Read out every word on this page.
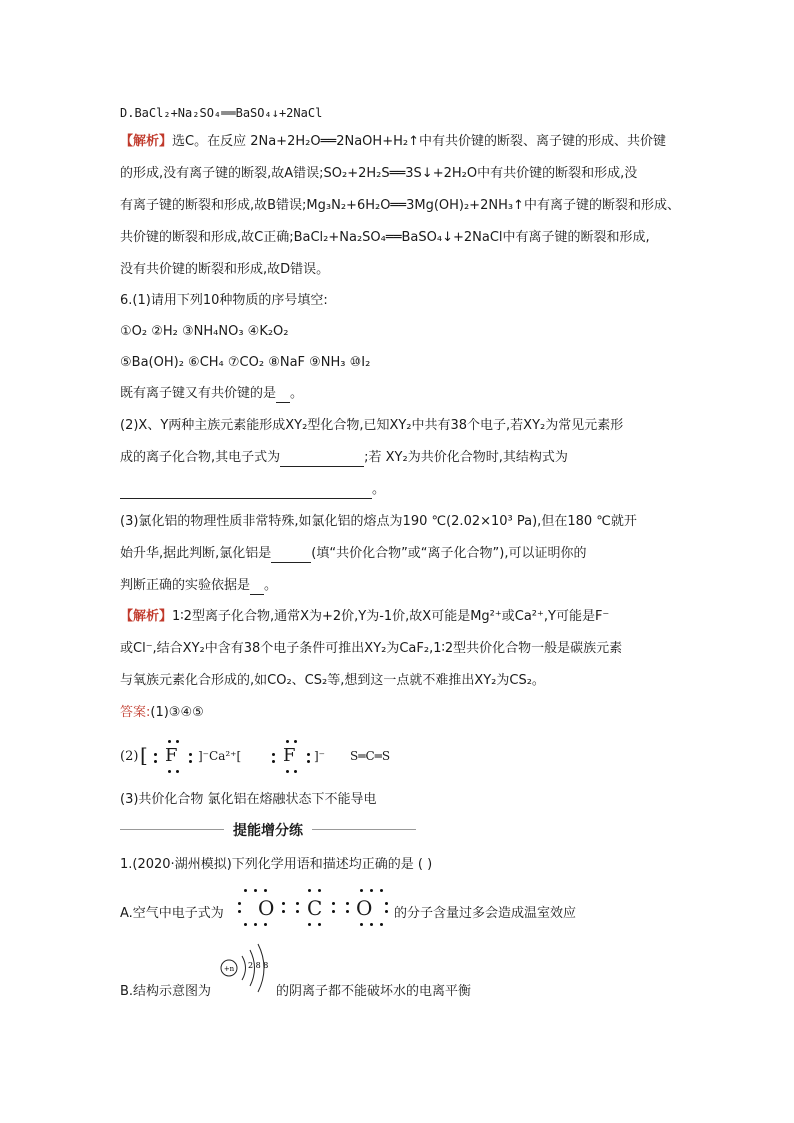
D.BaCl₂+Na₂SO₄══BaSO₄↓+2NaCl
【解析】选C。在反应 2Na+2H₂O══2NaOH+H₂↑中有共价键的断裂、离子键的形成、共价键
的形成,没有离子键的断裂,故A错误;SO₂+2H₂S══3S↓+2H₂O中有共价键的断裂和形成,没
有离子键的断裂和形成,故B错误;Mg₃N₂+6H₂O══3Mg(OH)₂+2NH₃↑中有离子键的断裂和形成、
共价键的断裂和形成,故C正确;BaCl₂+Na₂SO₄══BaSO₄↓+2NaCl中有离子键的断裂和形成,
没有共价键的断裂和形成,故D错误。
6.(1)请用下列10种物质的序号填空:
①O₂ ②H₂ ③NH₄NO₃ ④K₂O₂
⑤Ba(OH)₂ ⑥CH₄ ⑦CO₂ ⑧NaF ⑨NH₃ ⑩I₂
既有离子键又有共价键的是 。
(2)X、Y两种主族元素能形成XY₂型化合物,已知XY₂中共有38个电子,若XY₂为常见元素形
成的离子化合物,其电子式为	;若 XY₂为共价化合物时,其结构式为
。
(3)氯化铝的物理性质非常特殊,如氯化铝的熔点为190 ℃(2.02×10³ Pa),但在180 ℃就开
始升华,据此判断,氯化铝是	(填“共价化合物”或“离子化合物”),可以证明你的
判断正确的实验依据是 。
【解析】1∶2型离子化合物,通常X为+2价,Y为-1价,故X可能是Mg²⁺或Ca²⁺,Y可能是F⁻
或Cl⁻,结合XY₂中含有38个电子条件可推出XY₂为CaF₂,1∶2型共价化合物一般是碳族元素
与氧族元素化合形成的,如CO₂、CS₂等,想到这一点就不难推出XY₂为CS₂。
答案:(1)③④⑤
(2) [ F ]⁻Ca²⁺[ F ]⁻ S═C═S
(3)共价化合物 氯化铝在熔融状态下不能导电
提能增分练
1.(2020·湖州模拟)下列化学用语和描述均正确的是 ( )
A.空气中电子式为 O C O 的分子含量过多会造成温室效应
B.结构示意图为
+n 2 8 8
的阴离子都不能破坏水的电离平衡
